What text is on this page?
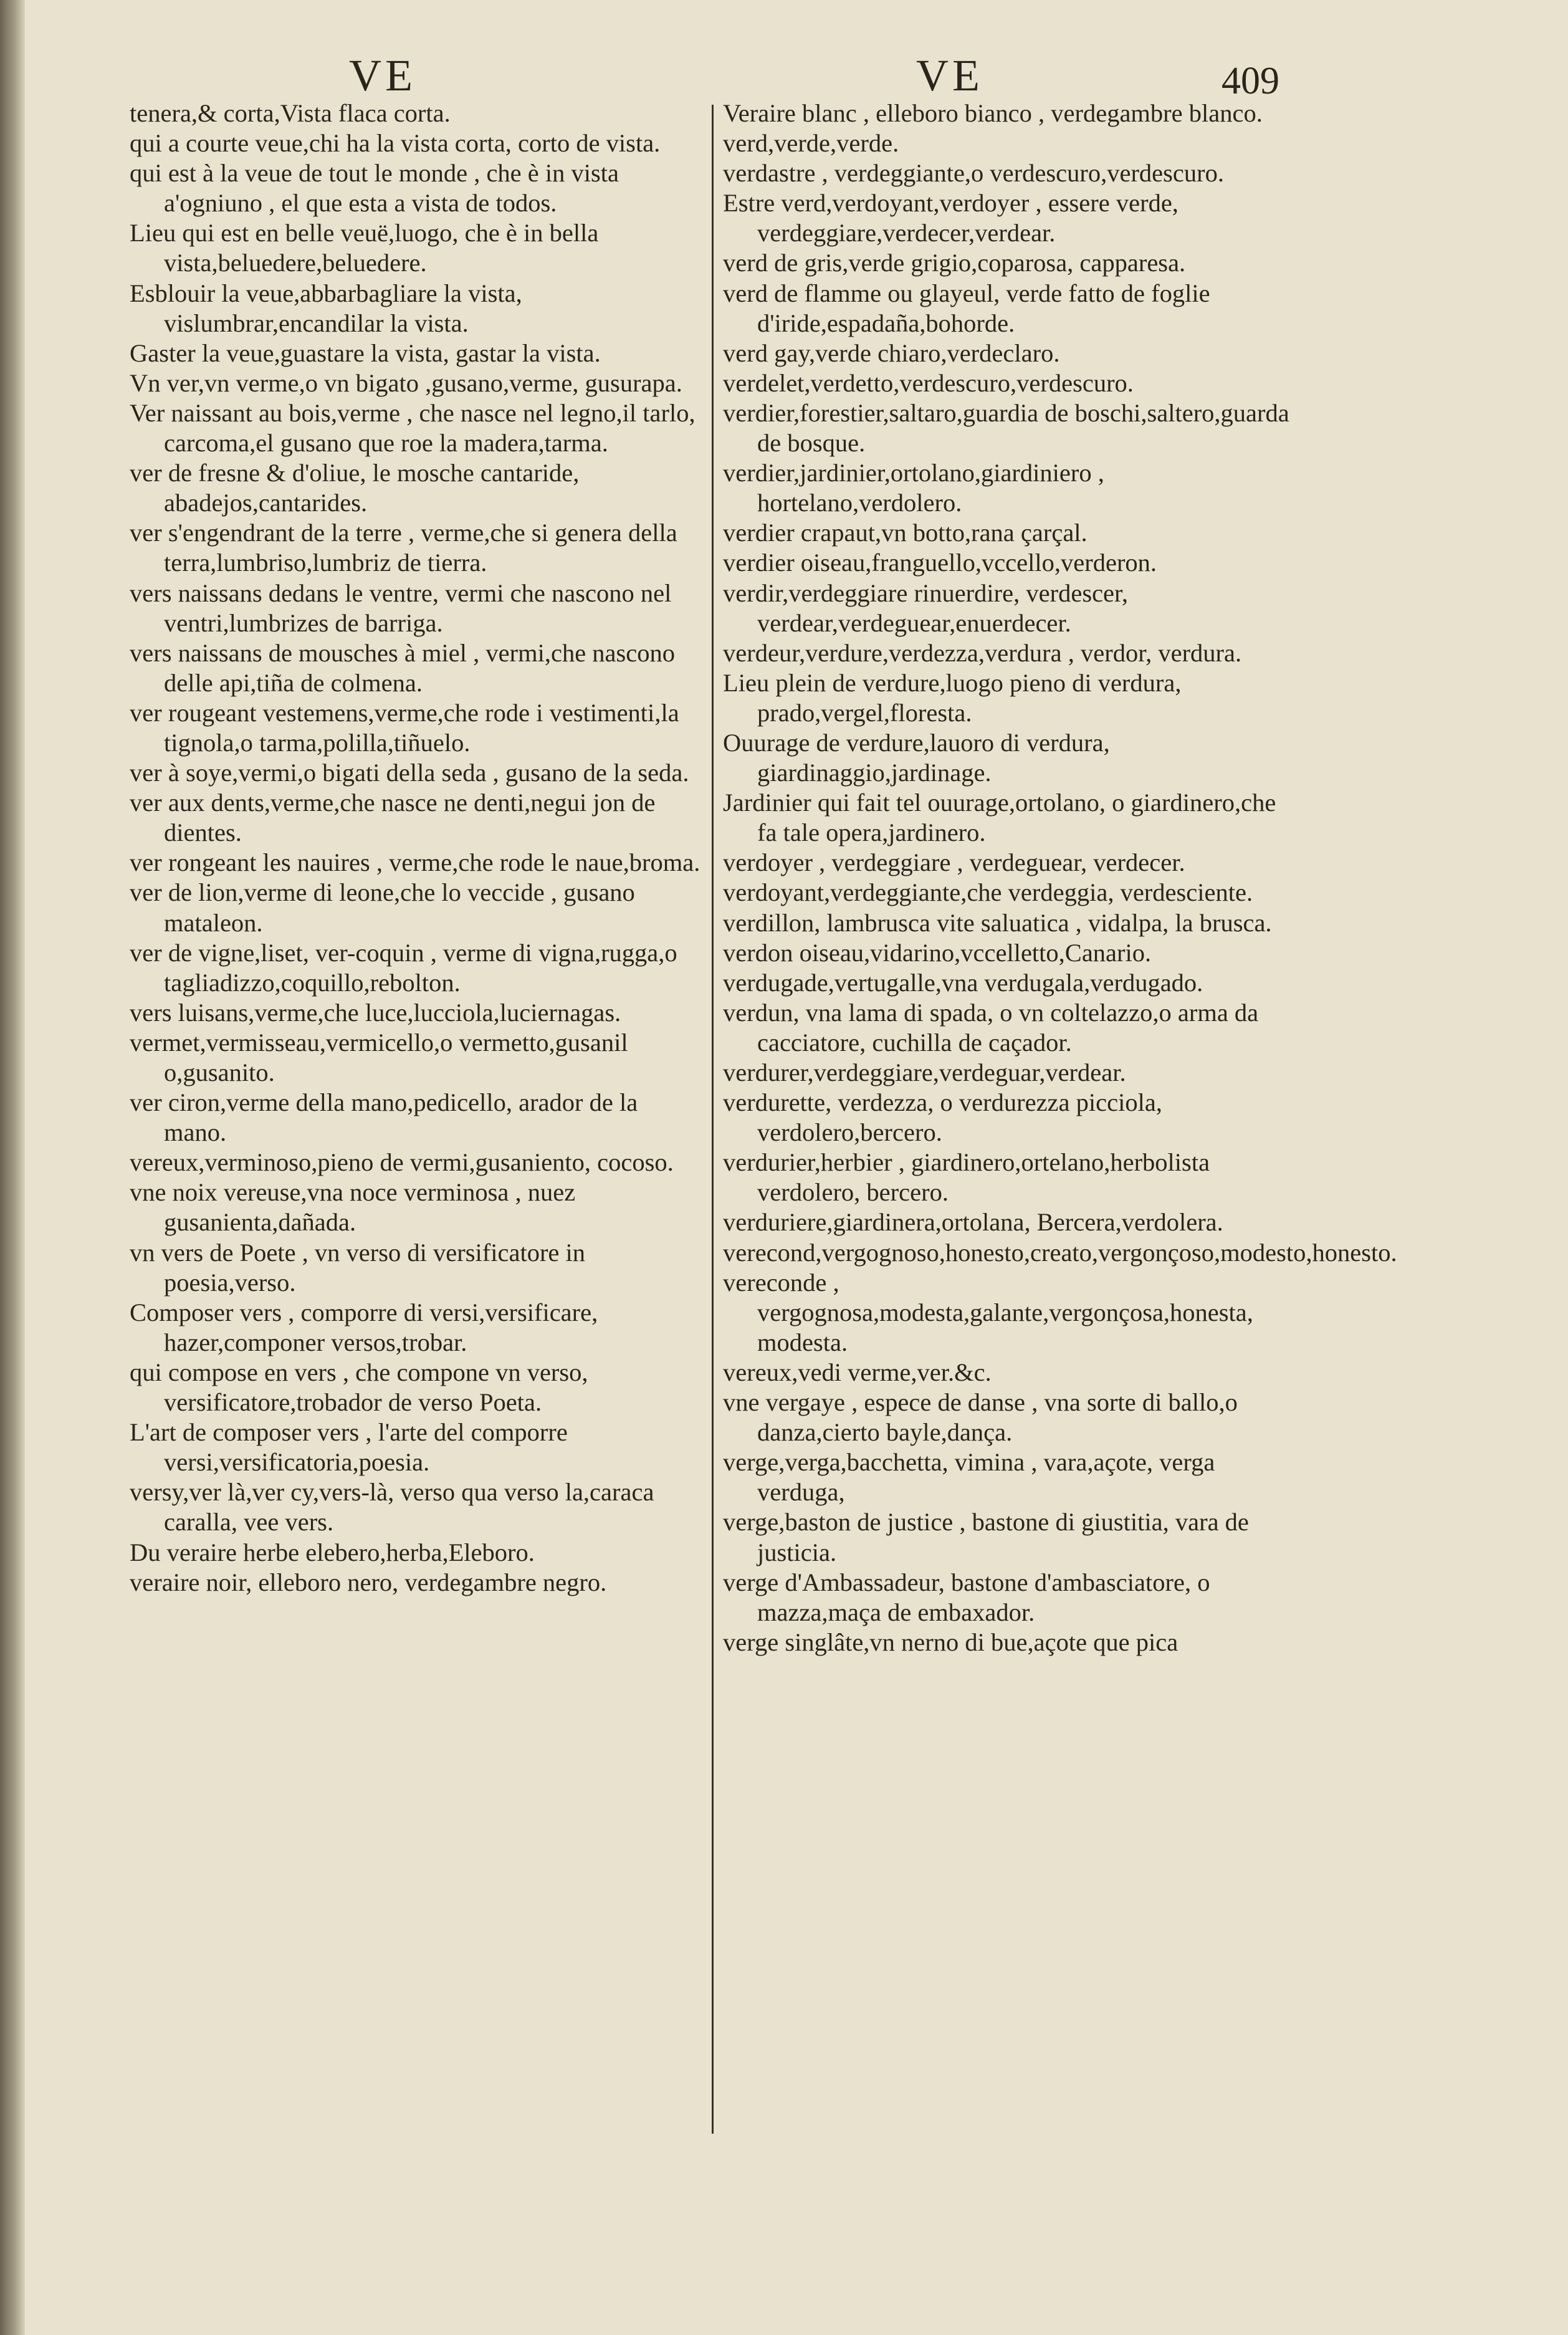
VE	VE	409

tenera,& corta,Vista flaca corta.

qui a courte veue,chi ha la vista corta, corto de vista.

qui est à la veue de tout le monde , che è in vista a'ogniuno , el que esta a vista de todos.

Lieu qui est en belle veuë,luogo, che è in bella vista,beluedere,beluedere.

Esblouir la veue,abbarbagliare la vista, vislumbrar,encandilar la vista.

Gaster la veue,guastare la vista, gastar la vista.

Vn ver,vn verme,o vn bigato ,gusano,verme, gusurapa.

Ver naissant au bois,verme , che nasce nel legno,il tarlo, carcoma,el gusano que roe la madera,tarma.

ver de fresne & d'oliue, le mosche cantaride, abadejos,cantarides.

ver s'engendrant de la terre , verme,che si genera della terra,lumbriso,lumbriz de tierra.

vers naissans dedans le ventre, vermi che nascono nel ventri,lumbrizes de barriga.

vers naissans de mousches à miel , vermi,che nascono delle api,tiña de colmena.

ver rougeant vestemens,verme,che rode i vestimenti,la tignola,o tarma,polilla,tiñuelo.

ver à soye,vermi,o bigati della seda , gusano de la seda.

ver aux dents,verme,che nasce ne denti,negui jon de dientes.

ver rongeant les nauires , verme,che rode le naue,broma.

ver de lion,verme di leone,che lo veccide , gusano mataleon.

ver de vigne,liset, ver-coquin , verme di vigna,rugga,o tagliadizzo,coquillo,rebolton.

vers luisans,verme,che luce,lucciola,luciernagas.

vermet,vermisseau,vermicello,o vermetto,gusanil o,gusanito.

ver ciron,verme della mano,pedicello, arador de la mano.

vereux,verminoso,pieno de vermi,gusaniento, cocoso.

vne noix vereuse,vna noce verminosa , nuez gusanienta,dañada.

vn vers de Poete , vn verso di versificatore in poesia,verso.

Composer vers , comporre di versi,versificare, hazer,componer versos,trobar.

qui compose en vers , che compone vn verso, versificatore,trobador de verso Poeta.

L'art de composer vers , l'arte del comporre versi,versificatoria,poesia.

versy,ver là,ver cy,vers-là, verso qua verso la,caraca caralla, vee vers.

Du veraire herbe elebero,herba,Eleboro.

veraire noir, elleboro nero, verdegambre negro.

Veraire blanc , elleboro bianco , verdegambre blanco.

verd,verde,verde.

verdastre , verdeggiante,o verdescuro,verdescuro.

Estre verd,verdoyant,verdoyer , essere verde, verdeggiare,verdecer,verdear.

verd de gris,verde grigio,coparosa, capparesa.

verd de flamme ou glayeul, verde fatto de foglie d'iride,espadaña,bohorde.

verd gay,verde chiaro,verdeclaro.

verdelet,verdetto,verdescuro,verdescuro.

verdier,forestier,saltaro,guardia de boschi,saltero,guarda de bosque.

verdier,jardinier,ortolano,giardiniero , hortelano,verdolero.

verdier crapaut,vn botto,rana çarçal.

verdier oiseau,franguello,vccello,verderon.

verdir,verdeggiare rinuerdire, verdescer, verdear,verdeguear,enuerdecer.

verdeur,verdure,verdezza,verdura , verdor, verdura.

Lieu plein de verdure,luogo pieno di verdura, prado,vergel,floresta.

Ouurage de verdure,lauoro di verdura, giardinaggio,jardinage.

Jardinier qui fait tel ouurage,ortolano, o giardinero,che fa tale opera,jardinero.

verdoyer , verdeggiare , verdeguear, verdecer.

verdoyant,verdeggiante,che verdeggia, verdesciente.

verdillon, lambrusca vite saluatica , vidalpa, la brusca.

verdon oiseau,vidarino,vccelletto,Canario.

verdugade,vertugalle,vna verdugala,verdugado.

verdun, vna lama di spada, o vn coltelazzo,o arma da cacciatore, cuchilla de caçador.

verdurer,verdeggiare,verdeguar,verdear.

verdurette, verdezza, o verdurezza picciola, verdolero,bercero.

verdurier,herbier , giardinero,ortelano,herbolista verdolero, bercero.

verduriere,giardinera,ortolana, Bercera,verdolera.

verecond,vergognoso,honesto,creato,vergonçoso,modesto,honesto.

vereconde , vergognosa,modesta,galante,vergonçosa,honesta, modesta.

vereux,vedi verme,ver.&c.

vne vergaye , espece de danse , vna sorte di ballo,o danza,cierto bayle,dança.

verge,verga,bacchetta, vimina , vara,açote, verga verduga,

verge,baston de justice , bastone di giustitia, vara de justicia.

verge d'Ambassadeur, bastone d'ambasciatore, o mazza,maça de embaxador.

verge singlâte,vn nerno di bue,açote que pica
